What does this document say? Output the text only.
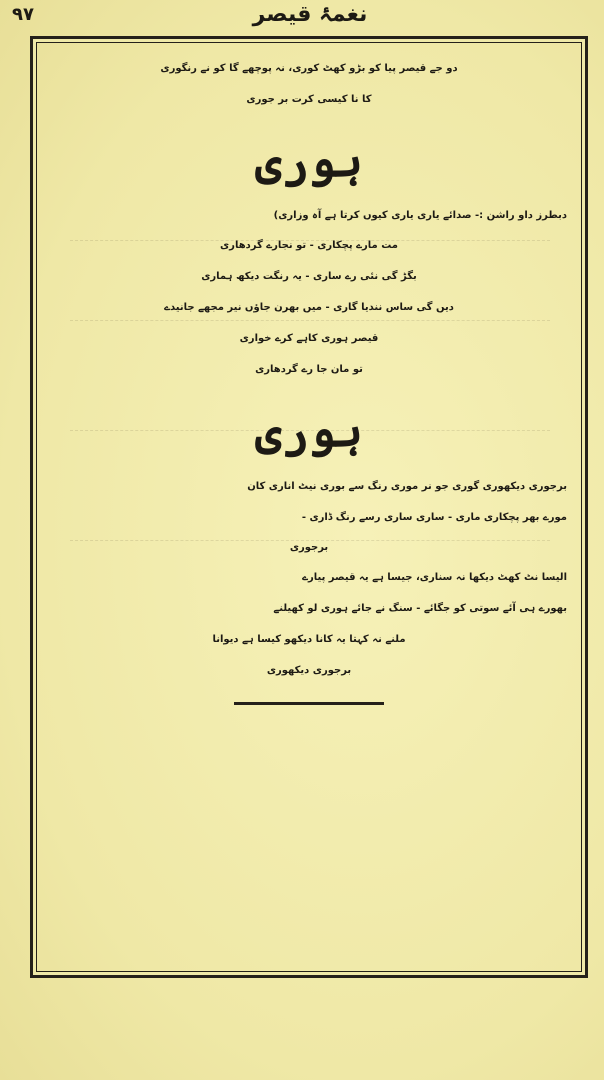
۹۷	نغمۂ قیصر
دو جے قیصر پیا کو بڑو کھٹ کوری، نہ پوچھے گا کو نے رنگوری
کا نا کیسی کرت بر جوری
ہوری
دبطرز داو راشن :- صدائے یاری یاری کیوں کرتا ہے آہ وزاری)
مت مارے پچکاری - تو نجارے گردھاری
بگڑ گی نئی رے ساری - یہ رنگت دیکھ ہماری
دیں گی ساس نندیا گاری - میں بھرن جاؤں نیر مجھے جانیدے
قیصر ہوری کاہے کرے خواری
تو مان جا رے گردھاری
ہوری
برجوری دیکھوری گوری جو نر موری رنگ سے بوری نیٹ اناری کان
مورے بھر پچکاری ماری - ساری ساری رسے رنگ ڈاری -
برجوری
الیسا نٹ کھٹ دیکھا نہ سناری، جیسا ہے یہ قیصر پیارے
بھورے ہی آئے سوتی کو جگائے - سنگ نے جائے ہوری لو کھیلنے
ملنے نہ کہتا یہ کانا دیکھو کیسا ہے دیوانا
برجوری دیکھوری
